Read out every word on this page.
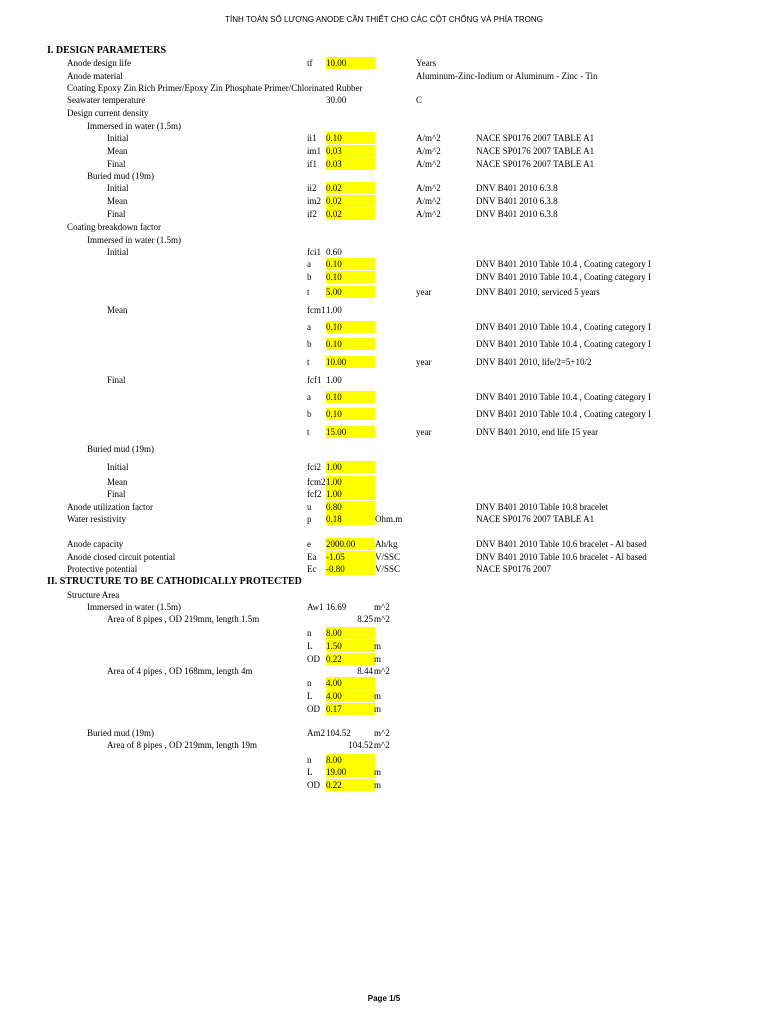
TÍNH TOÁN SỐ LƯỢNG ANODE CẦN THIẾT CHO CÁC CỘT CHỐNG VÀ PHÍA TRONG
I. DESIGN PARAMETERS
Anode design life	tf 10.00	Years
Anode material	Aluminum-Zinc-Indium or Aluminum - Zinc - Tin
Coating Epoxy Zin Rich Primer/Epoxy Zin Phosphate Primer/Chlorinated Rubber
Seawater temperature	30.00	C
Design current density
Immersed in water (1.5m)
Initial	ii1 0.10	A/m^2	NACE SP0176 2007 TABLE A1
Mean	im1 0.03	A/m^2	NACE SP0176 2007 TABLE A1
Final	if1 0.03	A/m^2	NACE SP0176 2007 TABLE A1
Buried mud (19m)
Initial	ii2 0.02	A/m^2	DNV B401 2010 6.3.8
Mean	im2 0.02	A/m^2	DNV B401 2010 6.3.8
Final	if2 0.02	A/m^2	DNV B401 2010 6.3.8
Coating breakdown factor
Immersed in water (1.5m)
Initial	fci1 0.60
a 0.10	DNV B401 2010 Table 10.4 , Coating category I
b 0.10	DNV B401 2010 Table 10.4 , Coating category I
t 5.00	year	DNV B401 2010, serviced 5 years
Mean	fcm1 1.00
a 0.10	DNV B401 2010 Table 10.4 , Coating category I
b 0.10	DNV B401 2010 Table 10.4 , Coating category I
t 10.00	year	DNV B401 2010, life/2=5+10/2
Final	fcf1 1.00
a 0.10	DNV B401 2010 Table 10.4 , Coating category I
b 0.10	DNV B401 2010 Table 10.4 , Coating category I
t 15.00	year	DNV B401 2010, end life 15 year
Buried mud (19m)
Initial	fci2 1.00
Mean	fcm2 1.00
Final	fcf2 1.00
Anode utilization factor	u 0.80	DNV B401 2010 Table 10.8 bracelet
Water resistivity	p 0.18	Ohm.m	NACE SP0176 2007 TABLE A1
Anode capacity	e 2000.00	Ah/kg	DNV B401 2010 Table 10.6 bracelet - Al based
Anode closed circuit potential	Ea -1.05	V/SSC	DNV B401 2010 Table 10.6 bracelet - Al based
Protective potential	Ec -0.80	V/SSC	NACE SP0176 2007
II. STRUCTURE TO BE CATHODICALLY PROTECTED
Structure Area
Immersed in water (1.5m)	Aw1 16.69	m^2
Area of 8 pipes , OD 219mm, length 1.5m	8.25 m^2
n 8.00
L 1.50	m
OD 0.22	m
Area of 4 pipes , OD 168mm, length 4m	8.44 m^2
n 4.00
L 4.00	m
OD 0.17	m
Buried mud (19m)	Am2 104.52	m^2
Area of 8 pipes , OD 219mm, length 19m	104.52 m^2
n 8.00
L 19.00	m
OD 0.22	m
Page 1/5
